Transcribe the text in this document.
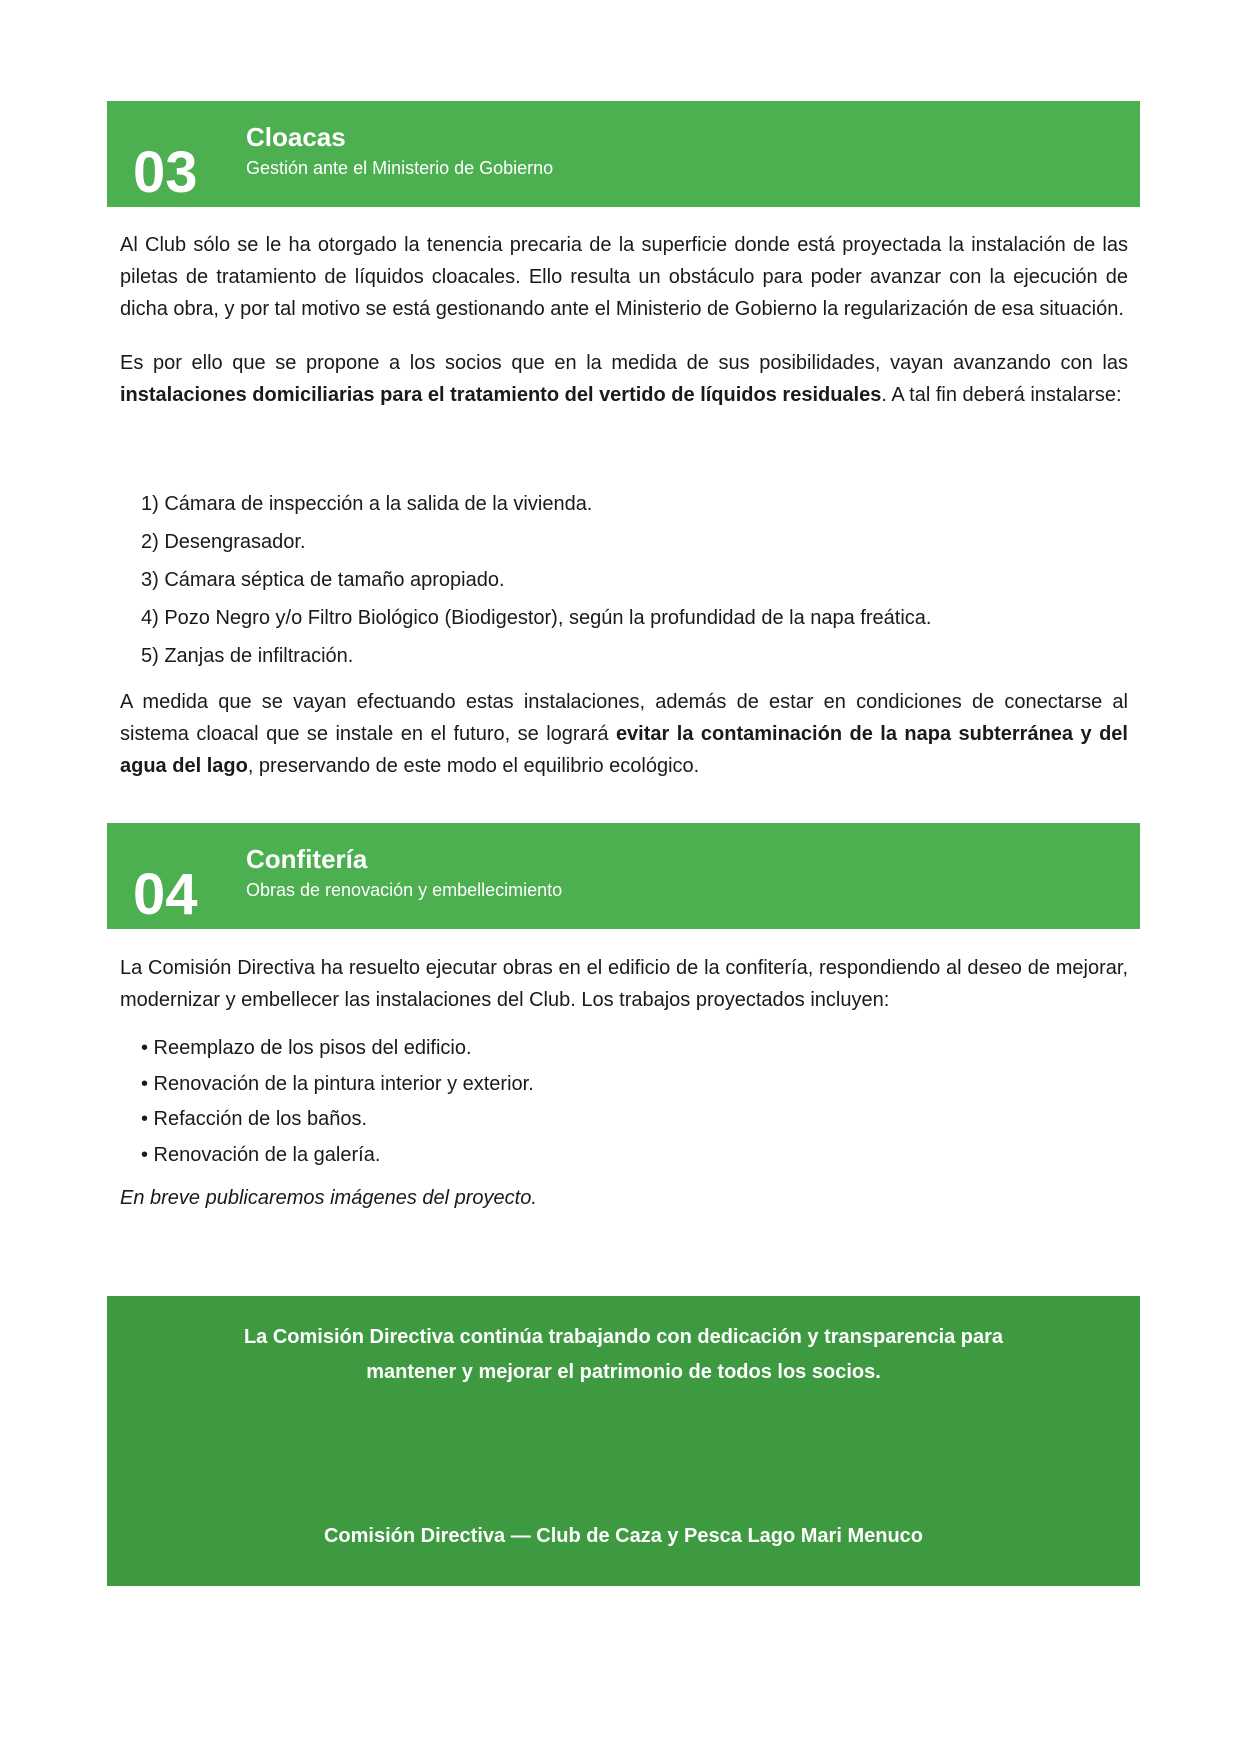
03
Cloacas
Gestión ante el Ministerio de Gobierno

Al Club sólo se le ha otorgado la tenencia precaria de la superficie donde está proyectada la instalación de las piletas de tratamiento de líquidos cloacales. Ello resulta un obstáculo para poder avanzar con la ejecución de dicha obra, y por tal motivo se está gestionando ante el Ministerio de Gobierno la regularización de esa situación.

Es por ello que se propone a los socios que en la medida de sus posibilidades, vayan avanzando con las instalaciones domiciliarias para el tratamiento del vertido de líquidos residuales. A tal fin deberá instalarse:

1) Cámara de inspección a la salida de la vivienda.
2) Desengrasador.
3) Cámara séptica de tamaño apropiado.
4) Pozo Negro y/o Filtro Biológico (Biodigestor), según la profundidad de la napa freática.
5) Zanjas de infiltración.

A medida que se vayan efectuando estas instalaciones, además de estar en condiciones de conectarse al sistema cloacal que se instale en el futuro, se logrará evitar la contaminación de la napa subterránea y del agua del lago, preservando de este modo el equilibrio ecológico.

04
Confitería
Obras de renovación y embellecimiento

La Comisión Directiva ha resuelto ejecutar obras en el edificio de la confitería, respondiendo al deseo de mejorar, modernizar y embellecer las instalaciones del Club. Los trabajos proyectados incluyen:

• Reemplazo de los pisos del edificio.
• Renovación de la pintura interior y exterior.
• Refacción de los baños.
• Renovación de la galería.
En breve publicaremos imágenes del proyecto.
La Comisión Directiva continúa trabajando con dedicación y transparencia para
mantener y mejorar el patrimonio de todos los socios.
Comisión Directiva — Club de Caza y Pesca Lago Mari Menuco
